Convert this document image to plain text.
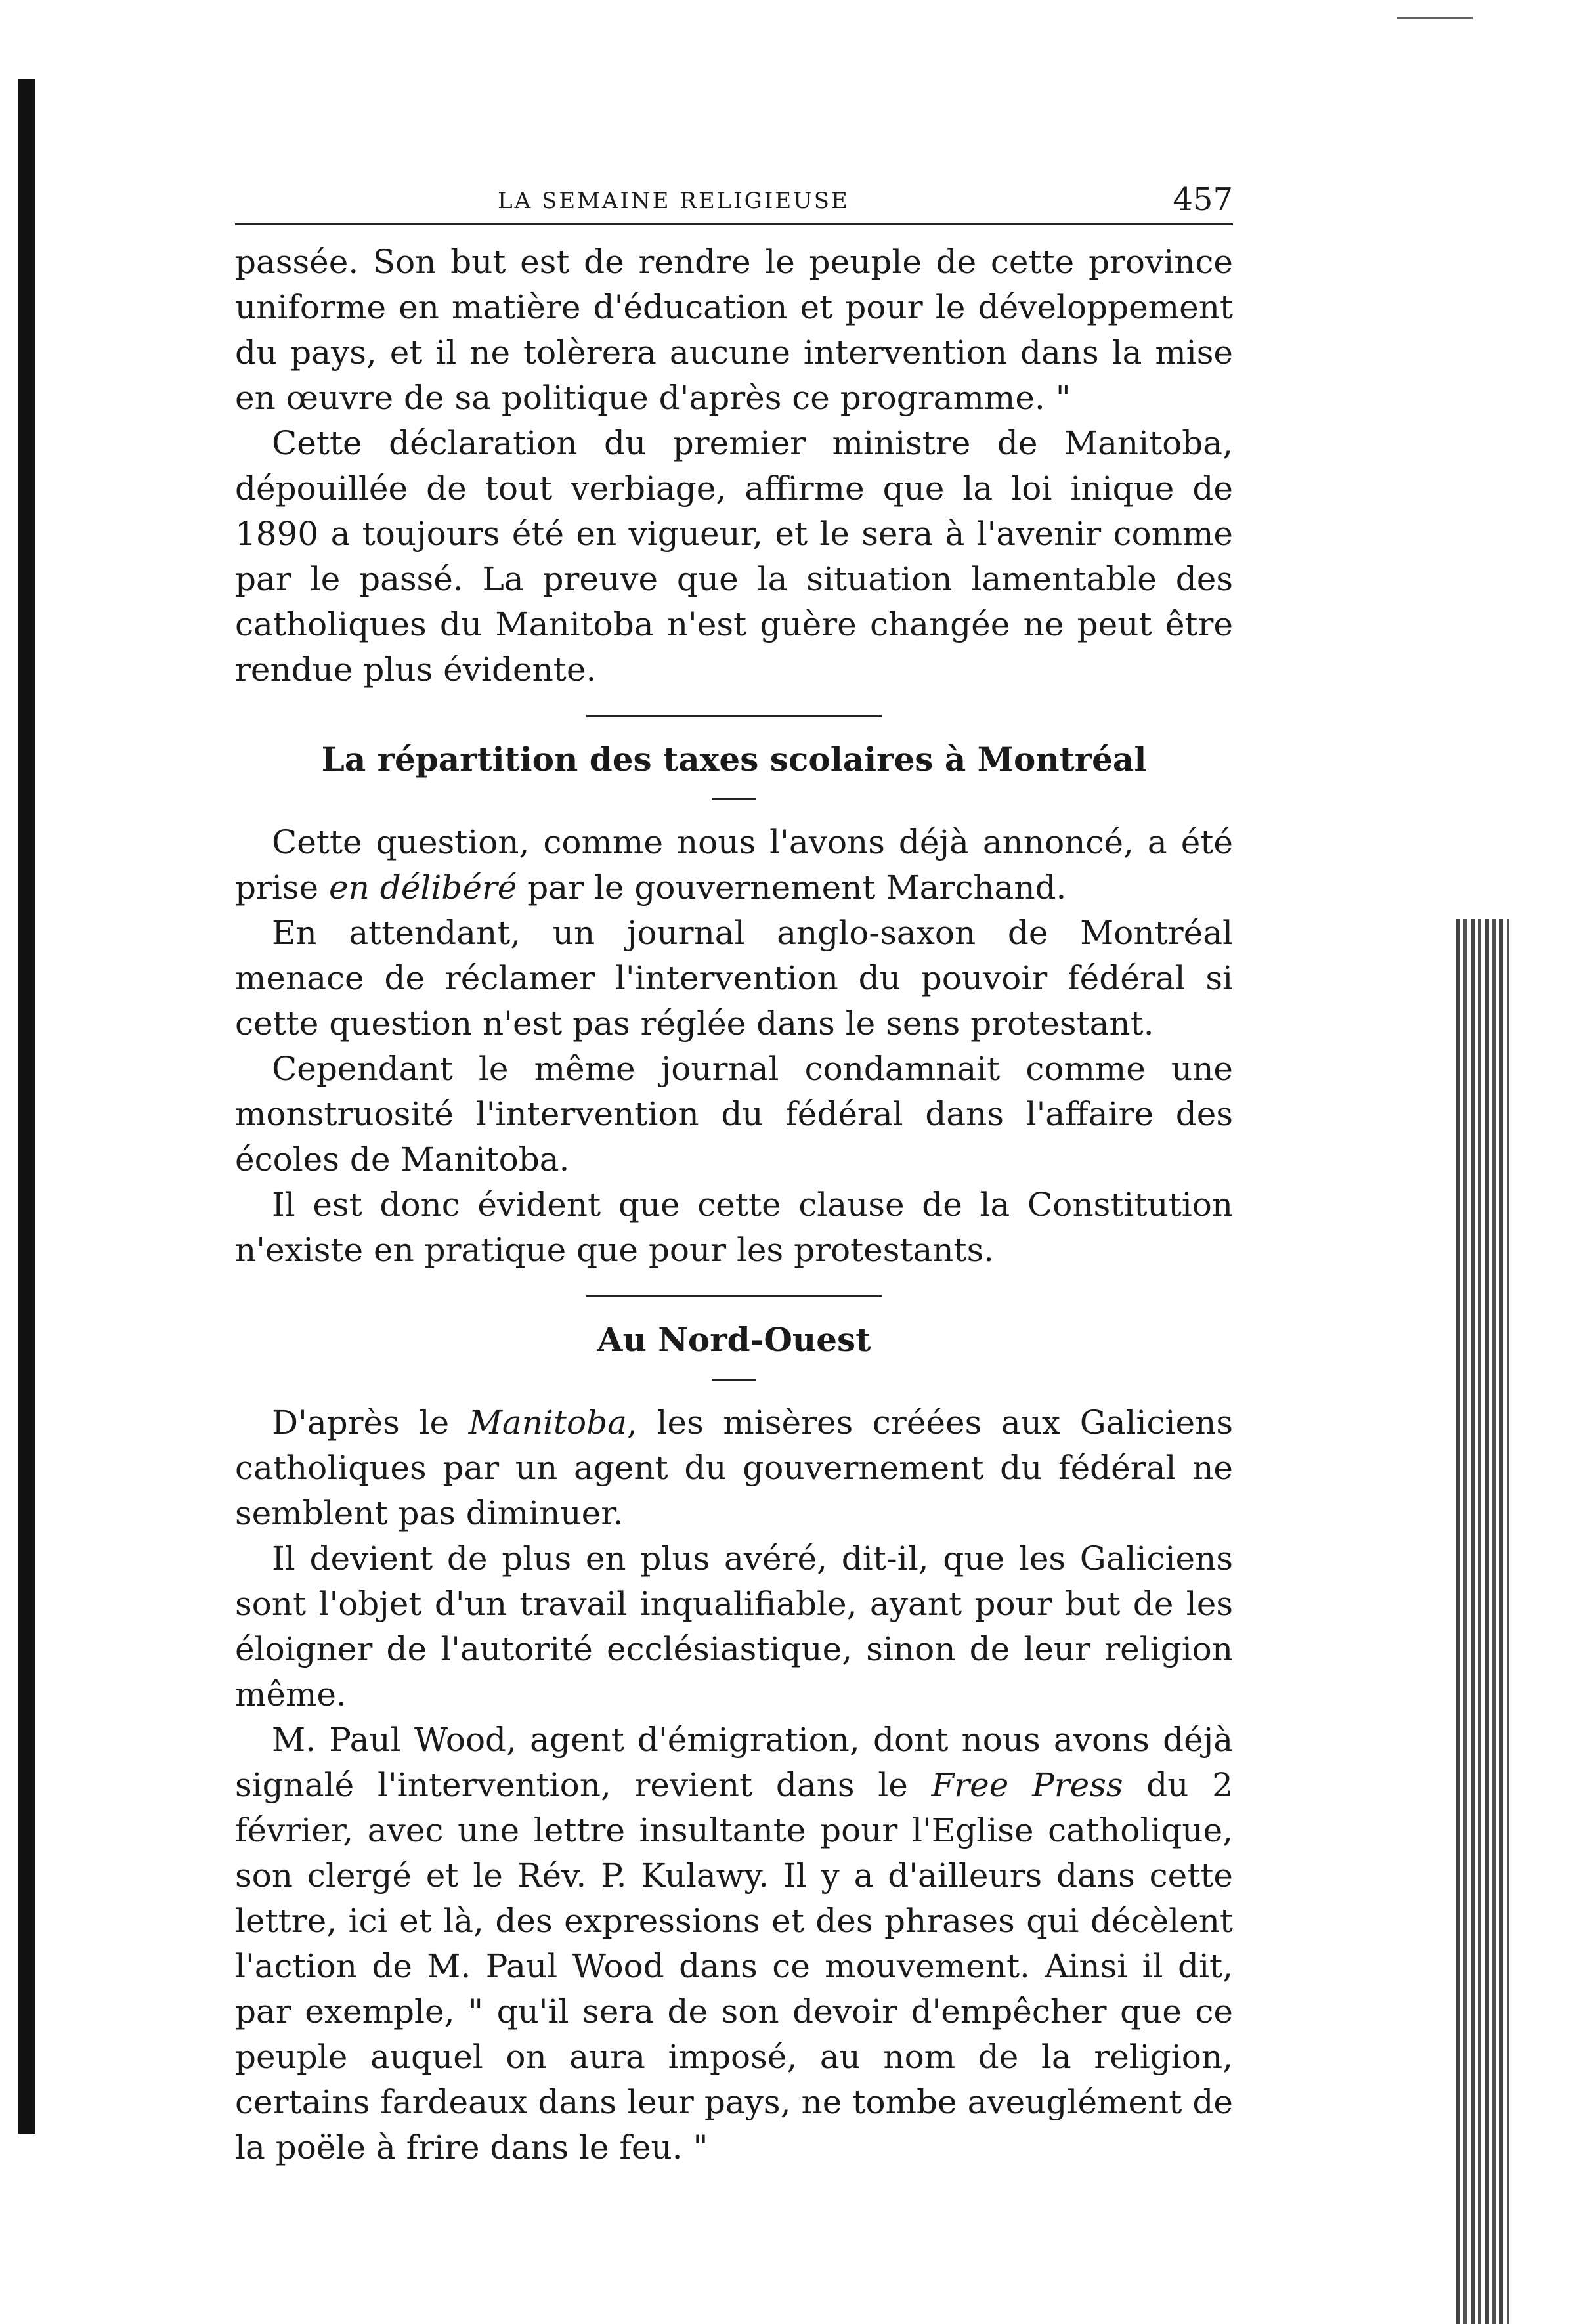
LA SEMAINE RELIGIEUSE	457

passée. Son but est de rendre le peuple de cette province uniforme en matière d'éducation et pour le développement du pays, et il ne tolèrera aucune intervention dans la mise en œuvre de sa politique d'après ce programme. "

Cette déclaration du premier ministre de Manitoba, dépouillée de tout verbiage, affirme que la loi inique de 1890 a toujours été en vigueur, et le sera à l'avenir comme par le passé. La preuve que la situation lamentable des catholiques du Manitoba n'est guère changée ne peut être rendue plus évidente.

La répartition des taxes scolaires à Montréal

Cette question, comme nous l'avons déjà annoncé, a été prise en délibéré par le gouvernement Marchand.

En attendant, un journal anglo-saxon de Montréal menace de réclamer l'intervention du pouvoir fédéral si cette question n'est pas réglée dans le sens protestant.

Cependant le même journal condamnait comme une monstruosité l'intervention du fédéral dans l'affaire des écoles de Manitoba.

Il est donc évident que cette clause de la Constitution n'existe en pratique que pour les protestants.

Au Nord-Ouest

D'après le Manitoba, les misères créées aux Galiciens catholiques par un agent du gouvernement du fédéral ne semblent pas diminuer.

Il devient de plus en plus avéré, dit-il, que les Galiciens sont l'objet d'un travail inqualifiable, ayant pour but de les éloigner de l'autorité ecclésiastique, sinon de leur religion même.

M. Paul Wood, agent d'émigration, dont nous avons déjà signalé l'intervention, revient dans le Free Press du 2 février, avec une lettre insultante pour l'Eglise catholique, son clergé et le Rév. P. Kulawy. Il y a d'ailleurs dans cette lettre, ici et là, des expressions et des phrases qui décèlent l'action de M. Paul Wood dans ce mouvement. Ainsi il dit, par exemple, " qu'il sera de son devoir d'empêcher que ce peuple auquel on aura imposé, au nom de la religion, certains fardeaux dans leur pays, ne tombe aveuglément de la poële à frire dans le feu. "
